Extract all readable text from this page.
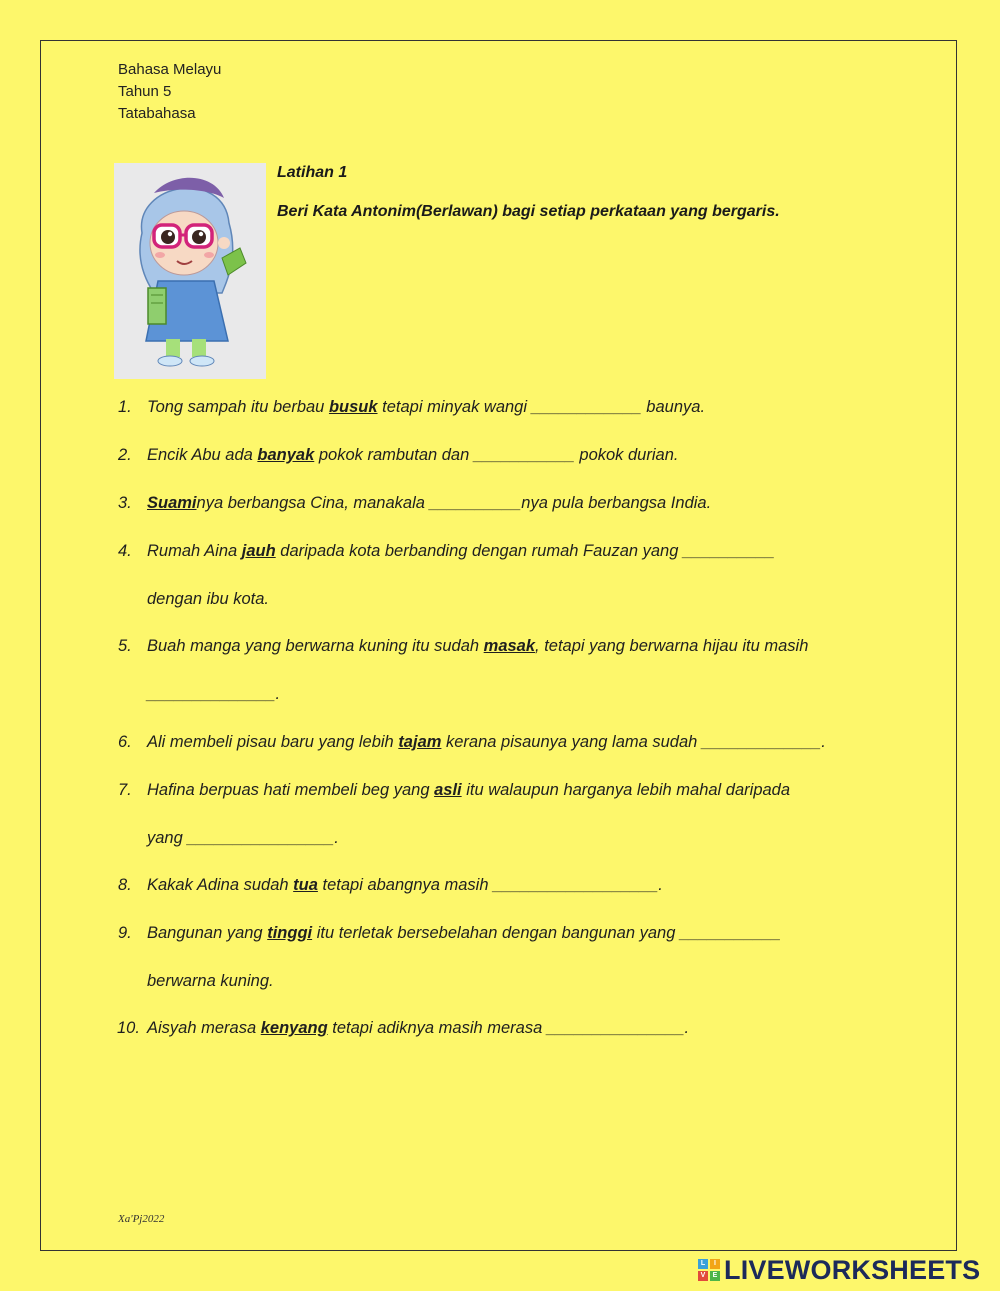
Bahasa Melayu
Tahun 5
Tatabahasa
Latihan 1
Beri Kata Antonim(Berlawan) bagi setiap perkataan yang bergaris.
1. Tong sampah itu berbau busuk tetapi minyak wangi ____________ baunya.
2. Encik Abu ada banyak pokok rambutan dan ___________ pokok durian.
3. Suaminya berbangsa Cina, manakala __________nya pula berbangsa India.
4. Rumah Aina jauh daripada kota berbanding dengan rumah Fauzan yang __________
dengan ibu kota.
5. Buah manga yang berwarna kuning itu sudah masak, tetapi yang berwarna hijau itu masih
______________.
6. Ali membeli pisau baru yang lebih tajam kerana pisaunya yang lama sudah _____________.
7. Hafina berpuas hati membeli beg yang asli itu walaupun harganya lebih mahal daripada
yang ________________.
8. Kakak Adina sudah tua tetapi abangnya masih __________________.
9. Bangunan yang tinggi itu terletak bersebelahan dengan bangunan yang ___________
berwarna kuning.
10. Aisyah merasa kenyang tetapi adiknya masih merasa _______________.
Xa'Pj2022
L	I
V	E LIVEWORKSHEETS
